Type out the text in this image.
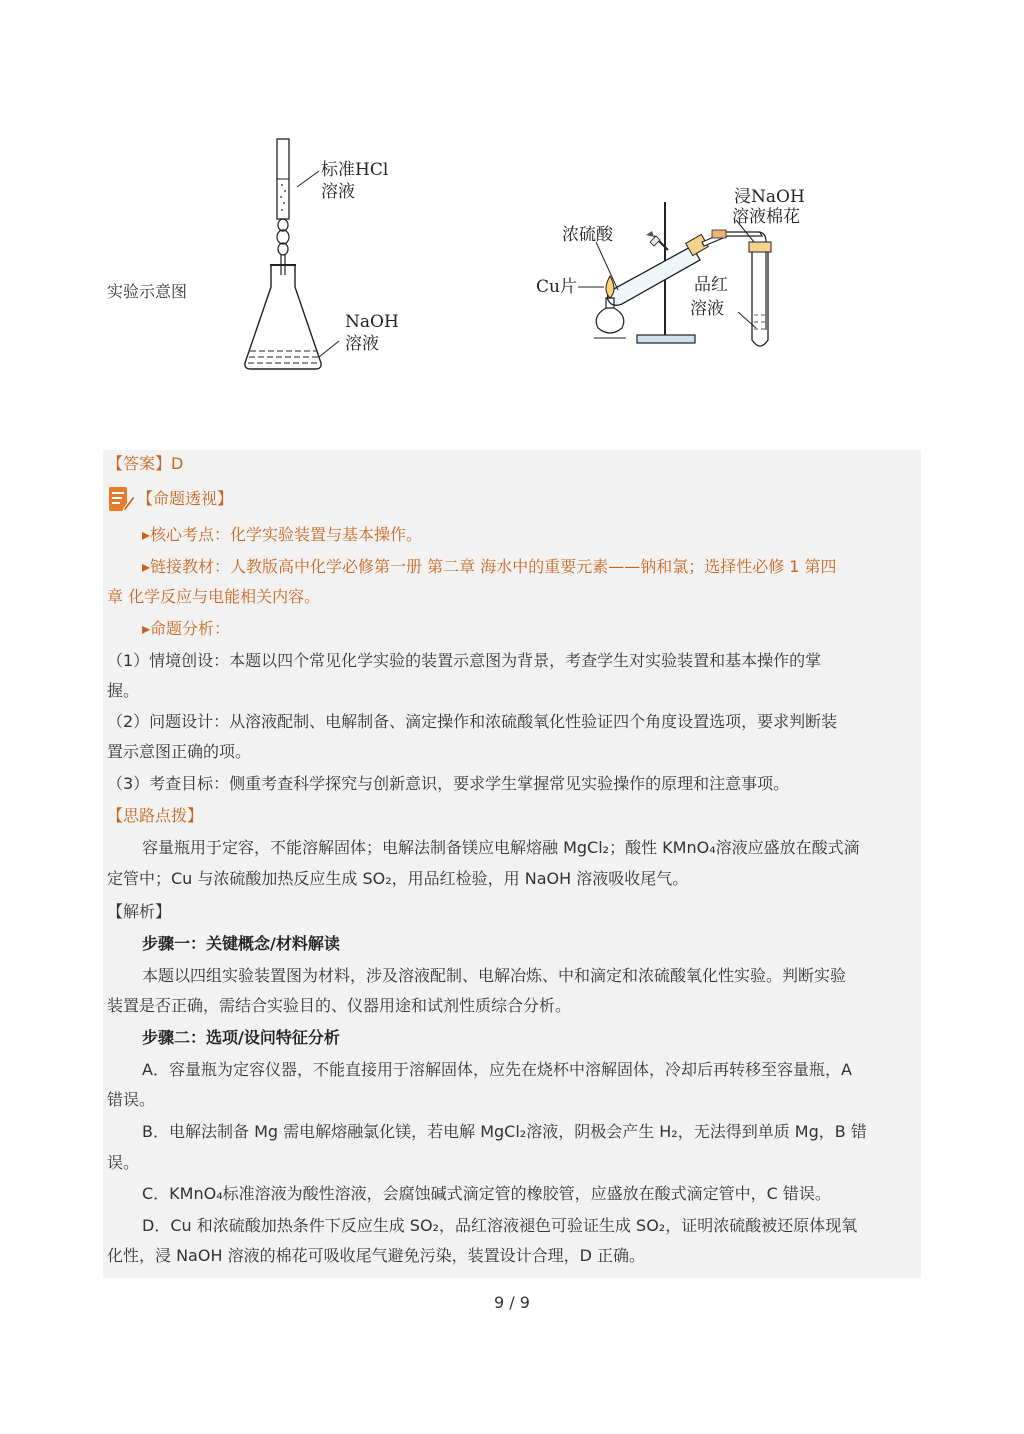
实验示意图
标准HCl
溶液
NaOH
溶液
浓硫酸
Cu片
浸NaOH
溶液棉花
品红
溶液
【答案】D
【命题透视】
▸核心考点：化学实验装置与基本操作。
▸链接教材：人教版高中化学必修第一册 第二章 海水中的重要元素——钠和氯；选择性必修 1 第四
章 化学反应与电能相关内容。
▸命题分析：
（1）情境创设：本题以四个常见化学实验的装置示意图为背景，考查学生对实验装置和基本操作的掌
握。
（2）问题设计：从溶液配制、电解制备、滴定操作和浓硫酸氧化性验证四个角度设置选项，要求判断装
置示意图正确的项。
（3）考查目标：侧重考查科学探究与创新意识，要求学生掌握常见实验操作的原理和注意事项。
【思路点拨】
容量瓶用于定容，不能溶解固体；电解法制备镁应电解熔融 MgCl₂；酸性 KMnO₄溶液应盛放在酸式滴
定管中；Cu 与浓硫酸加热反应生成 SO₂，用品红检验，用 NaOH 溶液吸收尾气。
【解析】
步骤一：关键概念/材料解读
本题以四组实验装置图为材料，涉及溶液配制、电解冶炼、中和滴定和浓硫酸氧化性实验。判断实验
装置是否正确，需结合实验目的、仪器用途和试剂性质综合分析。
步骤二：选项/设问特征分析
A．容量瓶为定容仪器，不能直接用于溶解固体，应先在烧杯中溶解固体，冷却后再转移至容量瓶，A
错误。
B．电解法制备 Mg 需电解熔融氯化镁，若电解 MgCl₂溶液，阴极会产生 H₂，无法得到单质 Mg，B 错
误。
C．KMnO₄标准溶液为酸性溶液，会腐蚀碱式滴定管的橡胶管，应盛放在酸式滴定管中，C 错误。
D．Cu 和浓硫酸加热条件下反应生成 SO₂，品红溶液褪色可验证生成 SO₂，证明浓硫酸被还原体现氧
化性，浸 NaOH 溶液的棉花可吸收尾气避免污染，装置设计合理，D 正确。
9 / 9
